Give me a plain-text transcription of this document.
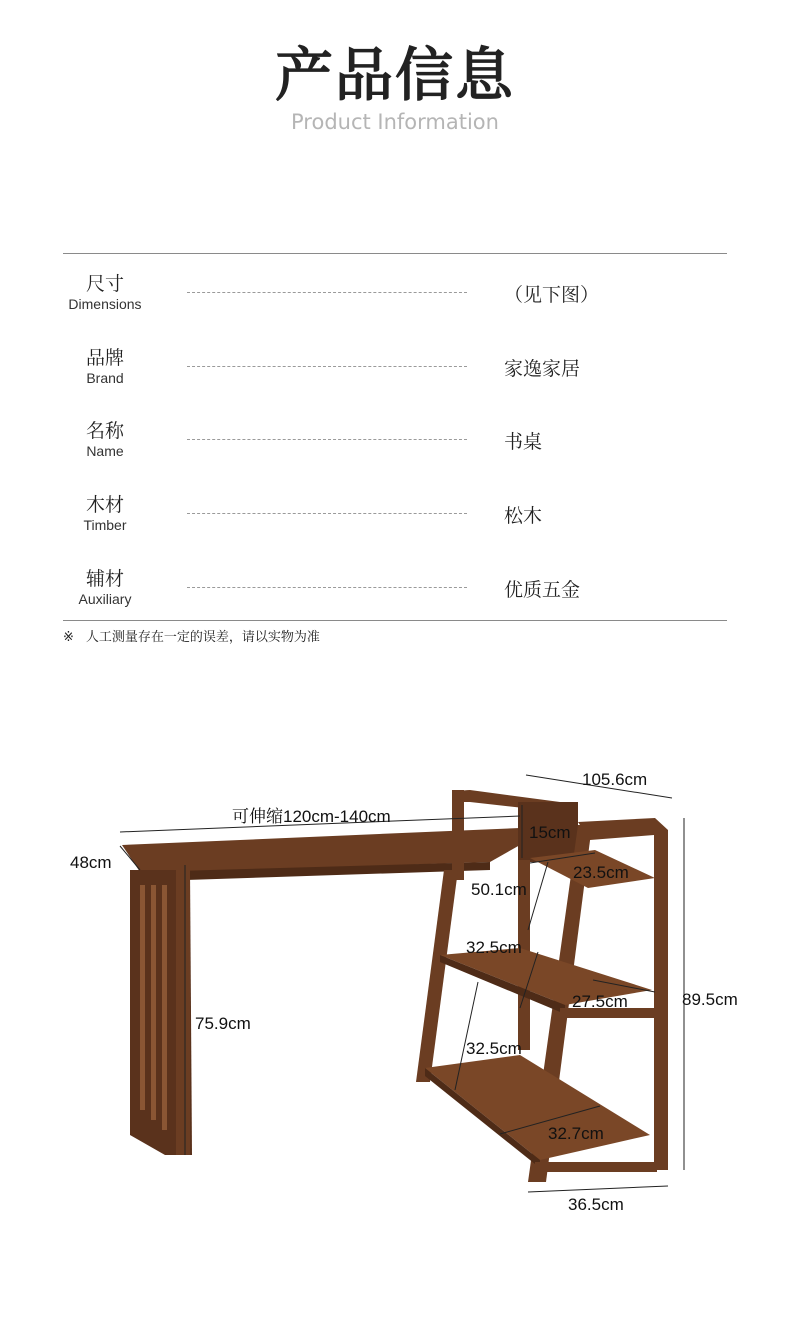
产品信息
Product Information
尺寸
Dimensions	（见下图）
品牌
Brand	家逸家居
名称
Name	书桌
木材
Timber	松木
辅材
Auxiliary	优质五金
※ 人工测量存在一定的误差，请以实物为准
105.6cm
可伸缩120cm-140cm
15cm
48cm
23.5cm
50.1cm
32.5cm
27.5cm	89.5cm
75.9cm
32.5cm
32.7cm
36.5cm
